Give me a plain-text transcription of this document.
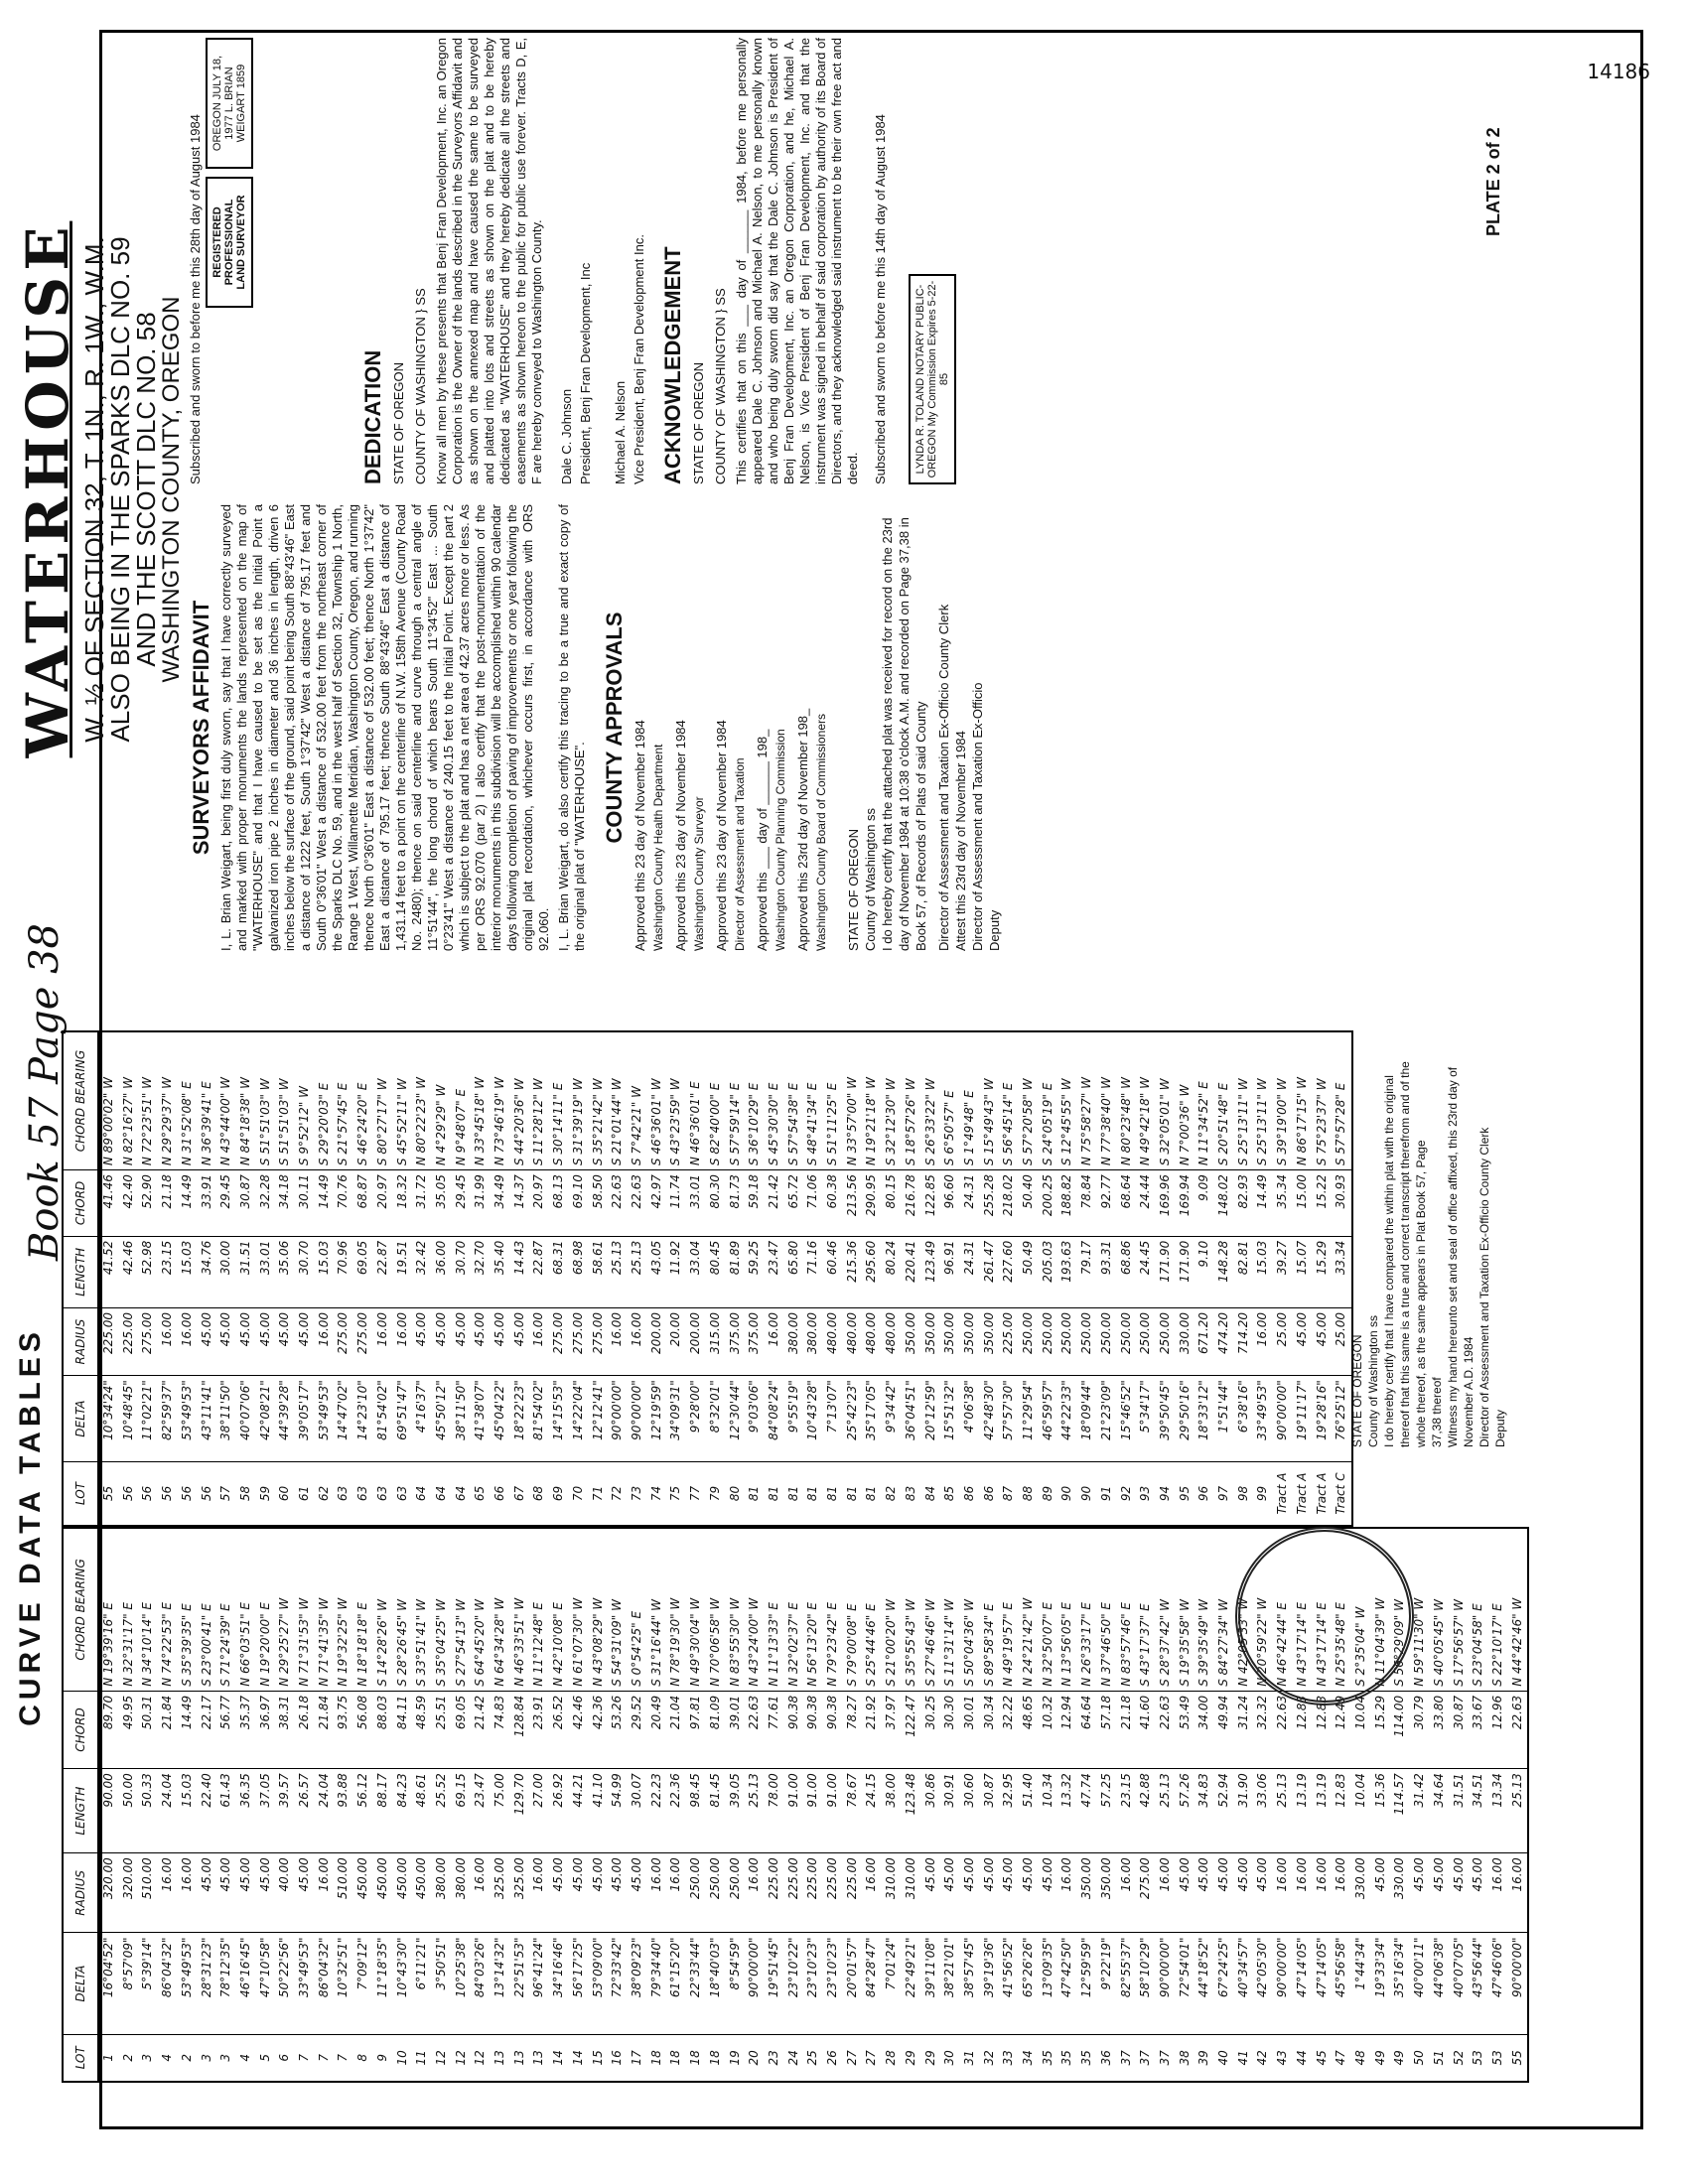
Book 57 Page 38
14186
CURVE DATA TABLES
LOT	DELTA	RADIUS	LENGTH	CHORD	CHORD BEARING
1	16°04'52"	320.00	90.00	89.70	N 19°39'16" E
2	8°57'09"	320.00	50.00	49.95	N 32°31'17" E
3	5°39'14"	510.00	50.33	50.31	N 34°10'14" E
4	86°04'32"	16.00	24.04	21.84	N 74°22'53" E
2	53°49'53"	16.00	15.03	14.49	S 35°39'35" E
3	28°31'23"	45.00	22.40	22.17	S 23°00'41" E
3	78°12'35"	45.00	61.43	56.77	S 71°24'39" E
4	46°16'45"	45.00	36.35	35.37	N 66°03'51" E
5	47°10'58"	45.00	37.05	36.97	N 19°20'00" E
6	50°22'56"	40.00	39.57	38.31	N 29°25'27" W
7	33°49'53"	45.00	26.57	26.18	N 71°31'53" W
7	86°04'32"	16.00	24.04	21.84	N 71°41'35" W
7	10°32'51"	510.00	93.88	93.75	N 19°32'25" W
8	7°09'12"	450.00	56.12	56.08	N 18°18'18" E
9	11°18'35"	450.00	88.17	88.03	S 14°28'26" W
10	10°43'30"	450.00	84.23	84.11	S 28°26'45" W
11	6°11'21"	450.00	48.61	48.59	S 33°51'41" W
12	3°50'51"	380.00	25.52	25.51	S 35°04'25" W
12	10°25'38"	380.00	69.15	69.05	S 27°54'13" W
12	84°03'26"	16.00	23.47	21.42	S 64°45'20" W
13	13°14'32"	325.00	75.00	74.83	N 64°34'28" W
13	22°51'53"	325.00	129.70	128.84	N 46°33'51" W
13	96°41'24"	16.00	27.00	23.91	N 11°12'48" E
14	34°16'46"	45.00	26.92	26.52	N 42°10'08" E
14	56°17'25"	45.00	44.21	42.46	N 61°07'30" W
15	53°09'00"	45.00	41.10	42.36	N 43°08'29" W
16	72°33'42"	45.00	54.99	53.26	S 54°31'09" W
17	38°09'23"	45.00	30.07	29.52	S 0°54'25" E
18	79°34'40"	16.00	22.23	20.49	S 31°16'44" W
18	61°15'20"	16.00	22.36	21.04	N 78°19'30" W
18	22°33'44"	250.00	98.45	97.81	N 49°30'04" W
18	18°40'03"	250.00	81.45	81.09	N 70°06'58" W
19	8°54'59"	250.00	39.05	39.01	N 83°55'30" W
20	90°00'00"	16.00	25.13	22.63	N 43°24'00" W
23	19°51'45"	225.00	78.00	77.61	N 11°13'33" E
24	23°10'22"	225.00	91.00	90.38	N 32°02'37" E
25	23°10'23"	225.00	91.00	90.38	N 56°13'20" E
26	23°10'23"	225.00	91.00	90.38	N 79°23'42" E
27	20°01'57"	225.00	78.67	78.27	S 79°00'08" E
27	84°28'47"	16.00	24.15	21.92	S 25°44'46" E
28	7°01'24"	310.00	38.00	37.97	S 21°00'20" W
29	22°49'21"	310.00	123.48	122.47	S 35°55'43" W
29	39°11'08"	45.00	30.86	30.25	S 27°46'46" W
30	38°21'01"	45.00	30.91	30.30	S 11°31'14" W
31	38°57'45"	45.00	30.60	30.01	S 50°04'36" W
32	39°19'36"	45.00	30.87	30.34	S 89°58'34" E
33	41°56'52"	45.00	32.95	32.22	N 49°19'57" E
34	65°26'26"	45.00	51.40	48.65	N 24°21'42" W
35	13°09'35"	45.00	10.34	10.32	N 32°50'07" E
35	47°42'50"	16.00	13.32	12.94	N 13°56'05" E
35	12°59'59"	350.00	47.74	64.64	N 26°33'17" E
36	9°22'19"	350.00	57.25	57.18	N 37°46'50" E
37	82°55'37"	16.00	23.15	21.18	N 83°57'46" E
37	58°10'29"	275.00	42.88	41.60	S 43°17'37" E
37	90°00'00"	16.00	25.13	22.63	S 28°37'42" W
38	72°54'01"	45.00	57.26	53.49	S 19°35'58" W
39	44°18'52"	45.00	34.83	34.00	S 39°35'49" W
40	67°24'25"	45.00	52.94	49.94	S 84°27'34" W
41	40°34'57"	45.00	31.90	31.24	N 42°05'33" W
42	42°05'30"	45.00	33.06	32.32	N 20°59'22" W
43	90°00'00"	16.00	25.13	22.63	N 46°42'44" E
44	47°14'05"	16.00	13.19	12.83	N 43°17'14" E
45	47°14'05"	16.00	13.19	12.83	N 43°17'14" E
47	45°56'58"	16.00	12.83	12.49	N 25°35'48" E
48	1°44'34"	330.00	10.04	10.04	S 2°35'04" W
49	19°33'34"	45.00	15.36	15.29	N 11°04'39" W
49	35°16'34"	330.00	114.57	114.00	S 56°29'09" W
50	40°00'11"	45.00	31.42	30.79	N 59°11'30" W
51	44°06'38"	45.00	34.64	33.80	S 40°05'45" W
52	40°07'05"	45.00	31.51	30.87	S 17°56'57" W
53	43°56'44"	45.00	34.51	33.67	S 23°04'58" E
53	47°46'06"	16.00	13.34	12.96	S 22°10'17" E
55	90°00'00"	16.00	25.13	22.63	N 44°42'46" W
LOT	DELTA	RADIUS	LENGTH	CHORD	CHORD BEARING
55	10°34'24"	225.00	41.52	41.46	N 89°00'02" W
56	10°48'45"	225.00	42.46	42.40	N 82°16'27" W
56	11°02'21"	275.00	52.98	52.90	N 72°23'51" W
56	82°59'37"	16.00	23.15	21.18	N 29°29'37" W
56	53°49'53"	16.00	15.03	14.49	N 31°52'08" E
56	43°11'41"	45.00	34.76	33.91	N 36°39'41" E
57	38°11'50"	45.00	30.00	29.45	N 43°44'00" W
58	40°07'06"	45.00	31.51	30.87	N 84°18'38" W
59	42°08'21"	45.00	33.01	32.28	S 51°51'03" W
60	44°39'28"	45.00	35.06	34.18	S 51°51'03" W
61	39°05'17"	45.00	30.70	30.11	S 9°52'12" W
62	53°49'53"	16.00	15.03	14.49	S 29°20'03" E
63	14°47'02"	275.00	70.96	70.76	S 21°57'45" E
63	14°23'10"	275.00	69.05	68.87	S 46°24'20" E
63	81°54'02"	16.00	22.87	20.97	S 80°27'17" W
63	69°51'47"	16.00	19.51	18.32	S 45°52'11" W
64	4°16'37"	45.00	32.42	31.72	N 80°22'23" W
64	45°50'12"	45.00	36.00	35.05	N 4°29'29" W
64	38°11'50"	45.00	30.70	29.45	N 9°48'07" E
65	41°38'07"	45.00	32.70	31.99	N 33°45'18" W
66	45°04'22"	45.00	35.40	34.49	N 73°46'19" W
67	18°22'23"	45.00	14.43	14.37	S 44°20'36" W
68	81°54'02"	16.00	22.87	20.97	S 11°28'12" W
69	14°15'53"	275.00	68.31	68.13	S 30°14'11" E
70	14°22'04"	275.00	68.98	69.10	S 31°39'19" W
71	12°12'41"	275.00	58.61	58.50	S 35°21'42" W
72	90°00'00"	16.00	25.13	22.63	S 21°01'44" W
73	90°00'00"	16.00	25.13	22.63	S 7°42'21" W
74	12°19'59"	200.00	43.05	42.97	S 46°36'01" W
75	34°09'31"	20.00	11.92	11.74	S 43°23'59" W
77	9°28'00"	200.00	33.04	33.01	N 46°36'01" E
79	8°32'01"	315.00	80.45	80.30	S 82°40'00" E
80	12°30'44"	375.00	81.89	81.73	S 57°59'14" E
81	9°03'06"	375.00	59.25	59.18	S 36°10'29" E
81	84°08'24"	16.00	23.47	21.42	S 45°30'30" E
81	9°55'19"	380.00	65.80	65.72	S 57°54'38" E
81	10°43'28"	380.00	71.16	71.06	S 48°41'34" E
81	7°13'07"	480.00	60.46	60.38	S 51°11'25" E
81	25°42'23"	480.00	215.36	213.56	N 33°57'00" W
81	35°17'05"	480.00	295.60	290.95	N 19°21'18" W
82	9°34'42"	480.00	80.24	80.15	S 32°12'30" W
83	36°04'51"	350.00	220.41	216.78	S 18°57'26" W
84	20°12'59"	350.00	123.49	122.85	S 26°33'22" W
85	15°51'32"	350.00	96.91	96.60	S 6°50'57" E
86	4°06'38"	350.00	24.31	24.31	S 1°49'48" E
86	42°48'30"	350.00	261.47	255.28	S 15°49'43" W
87	57°57'30"	225.00	227.60	218.02	S 56°45'14" E
88	11°29'54"	250.00	50.49	50.40	S 57°20'58" W
89	46°59'57"	250.00	205.03	200.25	S 24°05'19" E
90	44°22'33"	250.00	193.63	188.82	S 12°45'55" W
90	18°09'44"	250.00	79.17	78.84	N 75°58'27" W
91	21°23'09"	250.00	93.31	92.77	N 77°38'40" W
92	15°46'52"	250.00	68.86	68.64	N 80°23'48" W
93	5°34'17"	250.00	24.45	24.44	N 49°42'18" W
94	39°50'45"	250.00	171.90	169.96	S 32°05'01" W
95	29°50'16"	330.00	171.90	169.94	N 7°00'36" W
96	18°33'12"	671.20	9.10	9.09	N 11°34'52" E
97	1°51'44"	474.20	148.28	148.02	S 20°51'48" E
98	6°38'16"	714.20	82.81	82.93	S 25°13'11" W
99	33°49'53"	16.00	15.03	14.49	S 25°13'11" W
Tract A	90°00'00"	25.00	39.27	35.34	S 39°19'00" W
Tract A	19°11'17"	45.00	15.07	15.00	N 86°17'15" W
Tract A	19°28'16"	45.00	15.29	15.22	S 75°23'37" W
Tract C	76°25'12"	25.00	33.34	30.93	S 57°57'28" E
STATE OF OREGON County of Washington ss I do hereby certify that I have compared the within plat with the original thereof that this same is a true and correct transcript therefrom and of the whole thereof, as the same appears in Plat Book 57, Page 37,38 thereof Witness my hand hereunto set and seal of office affixed, this 23rd day of November A.D. 1984 Director of Assessment and Taxation Ex-Officio County Clerk Deputy
WATERHOUSE

W. ½ OF SECTION 32, T. 1N., R. 1W., W.M.

ALSO BEING IN THE SPARKS DLC NO. 59

AND THE SCOTT DLC NO. 58

WASHINGTON COUNTY, OREGON

SURVEYORS AFFIDAVIT I, L. Brian Weigart, being first duly sworn, say that I have correctly surveyed and marked with proper monuments the lands represented on the map of "WATERHOUSE" and that I have caused to be set as the Initial Point a galvanized iron pipe 2 inches in diameter and 36 inches in length, driven 6 inches below the surface of the ground, said point being South 88°43'46" East a distance of 1222 feet, South 1°37'42" West a distance of 795.17 feet and South 0°36'01" West a distance of 532.00 feet from the northeast corner of the Sparks DLC No. 59, and in the west half of Section 32, Township 1 North, Range 1 West, Willamette Meridian, Washington County, Oregon, and running thence North 0°36'01" East a distance of 532.00 feet; thence North 1°37'42" East a distance of 795.17 feet; thence South 88°43'46" East a distance of 1,431.14 feet to a point on the centerline of N.W. 158th Avenue (County Road No. 2480); thence on said centerline and curve through a central angle of 11°51'44", the long chord of which bears South 11°34'52" East ... South 0°23'41" West a distance of 240.15 feet to the Initial Point. Except the part 2 which is subject to the plat and has a net area of 42.37 acres more or less. As per ORS 92.070 (par 2) I also certify that the post-monumentation of the interior monuments in this subdivision will be accomplished within 90 calendar days following completion of paving of improvements or one year following the original plat recordation, whichever occurs first, in accordance with ORS 92.060. I, L. Brian Weigart, do also certify this tracing to be a true and exact copy of the original plat of "WATERHOUSE".

COUNTY APPROVALS Approved this 23 day of November 1984 Washington County Health Department Approved this 23 day of November 1984 Washington County Surveyor Approved this 23 day of November 1984 Director of Assessment and Taxation Approved this ___ day of ______ 198_ Washington County Planning Commission Approved this 23rd day of November 198_ Washington County Board of Commissioners STATE OF OREGON County of Washington ss I do hereby certify that the attached plat was received for record on the 23rd day of November 1984 at 10:38 o'clock A.M. and recorded on Page 37,38 in Book 57, of Records of Plats of said County Director of Assessment and Taxation Ex-Officio County Clerk Attest this 23rd day of November 1984 Director of Assessment and Taxation Ex-Officio Deputy
Subscribed and sworn to before me this 28th day of August 1984 REGISTERED PROFESSIONAL LAND SURVEYOR
OREGON JULY 18, 1977 L. BRIAN WEIGART 1859
DEDICATION STATE OF OREGON COUNTY OF WASHINGTON } SS Know all men by these presents that Benj Fran Development, Inc. an Oregon Corporation is the Owner of the lands described in the Surveyors Affidavit and as shown on the annexed map and have caused the same to be surveyed and platted into lots and streets as shown on the plat and to be hereby dedicated as "WATERHOUSE" and they hereby dedicate all the streets and easements as shown hereon to the public for public use forever. Tracts D, E, F are hereby conveyed to Washington County. Dale C. Johnson President, Benj Fran Development, Inc Michael A. Nelson Vice President, Benj Fran Development Inc. ACKNOWLEDGEMENT STATE OF OREGON COUNTY OF WASHINGTON } SS This certifies that on this ___ day of ______ 1984, before me personally appeared Dale C. Johnson and Michael A. Nelson, to me personally known and who being duly sworn did say that the Dale C. Johnson is President of Benj Fran Development, Inc. an Oregon Corporation, and he, Michael A. Nelson, is Vice President of Benj Fran Development, Inc. and that the instrument was signed in behalf of said corporation by authority of its Board of Directors, and they acknowledged said instrument to be their own free act and deed. Subscribed and sworn to before me this 14th day of August 1984 LYNDA R. TOLAND NOTARY PUBLIC-OREGON My Commission Expires 5-22-85
PLATE 2 of 2
